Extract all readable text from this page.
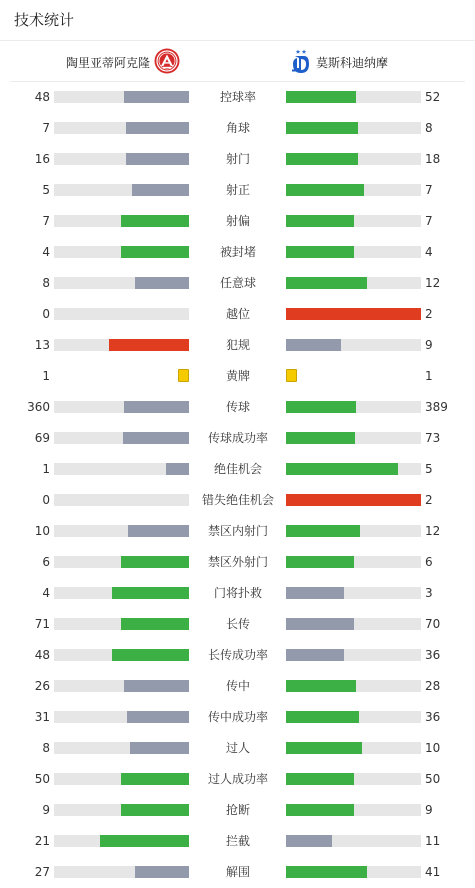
技术统计
陶里亚蒂阿克隆	莫斯科迪纳摩
48	控球率	52
7	角球	8
16	射门	18
5	射正	7
7	射偏	7
4	被封堵	4
8	任意球	12
0	越位	2
13	犯规	9
1	黄牌	1
360	传球	389
69	传球成功率	73
1	绝佳机会	5
0	错失绝佳机会	2
10	禁区内射门	12
6	禁区外射门	6
4	门将扑救	3
71	长传	70
48	长传成功率	36
26	传中	28
31	传中成功率	36
8	过人	10
50	过人成功率	50
9	抢断	9
21	拦截	11
27	解围	41
